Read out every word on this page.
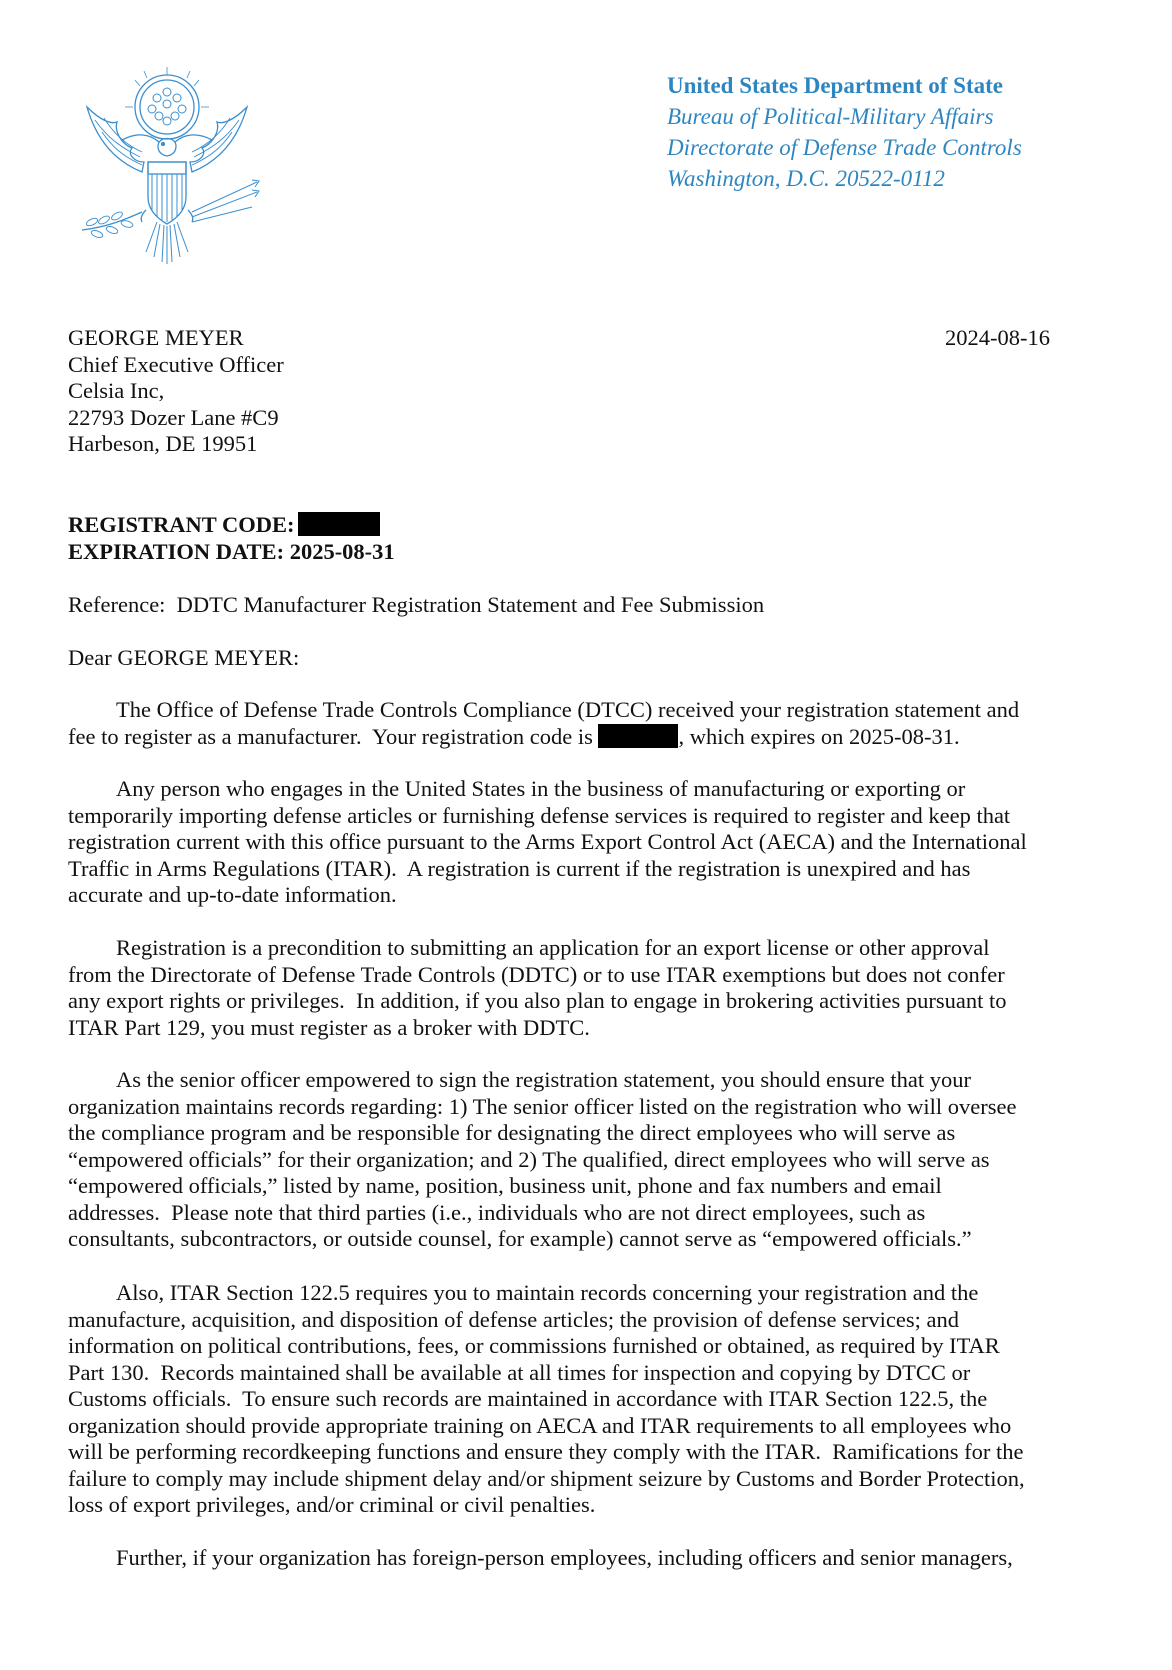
United States Department of State
Bureau of Political-Military Affairs
Directorate of Defense Trade Controls
Washington, D.C. 20522-0112
GEORGE MEYER
Chief Executive Officer
Celsia Inc,
22793 Dozer Lane #C9
Harbeson, DE 19951
2024-08-16
REGISTRANT CODE:
EXPIRATION DATE: 2025-08-31
Reference:  DDTC Manufacturer Registration Statement and Fee Submission
Dear GEORGE MEYER:
The Office of Defense Trade Controls Compliance (DTCC) received your registration statement and
fee to register as a manufacturer.  Your registration code is	, which expires on 2025-08-31.
Any person who engages in the United States in the business of manufacturing or exporting or
temporarily importing defense articles or furnishing defense services is required to register and keep that
registration current with this office pursuant to the Arms Export Control Act (AECA) and the International
Traffic in Arms Regulations (ITAR).  A registration is current if the registration is unexpired and has
accurate and up-to-date information.
Registration is a precondition to submitting an application for an export license or other approval
from the Directorate of Defense Trade Controls (DDTC) or to use ITAR exemptions but does not confer
any export rights or privileges.  In addition, if you also plan to engage in brokering activities pursuant to
ITAR Part 129, you must register as a broker with DDTC.
As the senior officer empowered to sign the registration statement, you should ensure that your
organization maintains records regarding: 1) The senior officer listed on the registration who will oversee
the compliance program and be responsible for designating the direct employees who will serve as
“empowered officials” for their organization; and 2) The qualified, direct employees who will serve as
“empowered officials,” listed by name, position, business unit, phone and fax numbers and email
addresses.  Please note that third parties (i.e., individuals who are not direct employees, such as
consultants, subcontractors, or outside counsel, for example) cannot serve as “empowered officials.”
Also, ITAR Section 122.5 requires you to maintain records concerning your registration and the
manufacture, acquisition, and disposition of defense articles; the provision of defense services; and
information on political contributions, fees, or commissions furnished or obtained, as required by ITAR
Part 130.  Records maintained shall be available at all times for inspection and copying by DTCC or
Customs officials.  To ensure such records are maintained in accordance with ITAR Section 122.5, the
organization should provide appropriate training on AECA and ITAR requirements to all employees who
will be performing recordkeeping functions and ensure they comply with the ITAR.  Ramifications for the
failure to comply may include shipment delay and/or shipment seizure by Customs and Border Protection,
loss of export privileges, and/or criminal or civil penalties.
Further, if your organization has foreign-person employees, including officers and senior managers,
